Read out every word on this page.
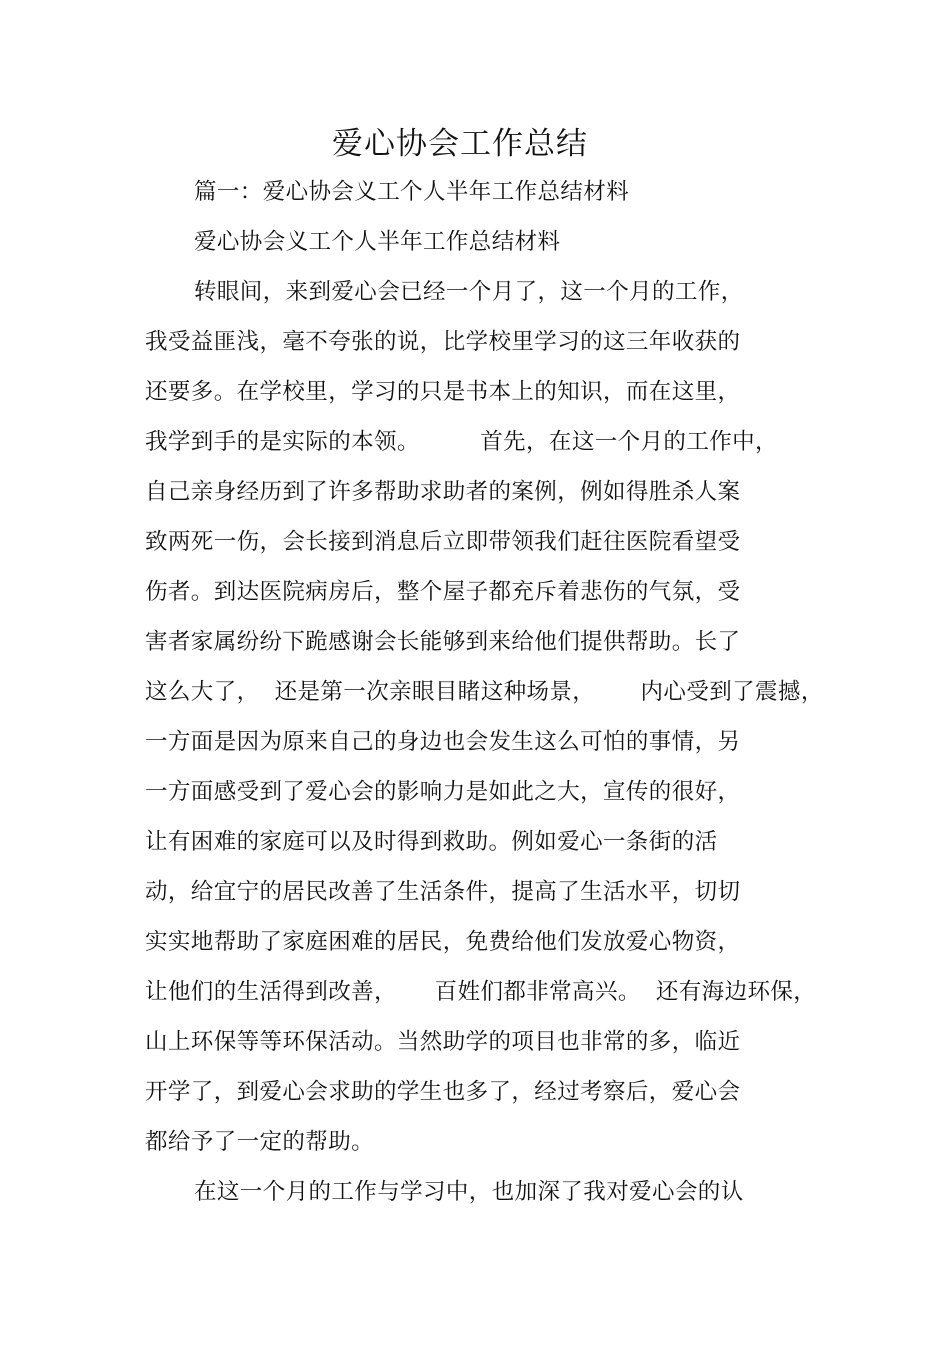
爱心协会工作总结
篇一：爱心协会义工个人半年工作总结材料
爱心协会义工个人半年工作总结材料
转眼间，来到爱心会已经一个月了，这一个月的工作，
我受益匪浅，毫不夸张的说，比学校里学习的这三年收获的
还要多。在学校里，学习的只是书本上的知识，而在这里，
我学到手的是实际的本领。        首先，在这一个月的工作中，
自己亲身经历到了许多帮助求助者的案例，例如得胜杀人案
致两死一伤，会长接到消息后立即带领我们赶往医院看望受
伤者。到达医院病房后，整个屋子都充斥着悲伤的气氛，受
害者家属纷纷下跪感谢会长能够到来给他们提供帮助。长了
这么大了，  还是第一次亲眼目睹这种场景，      内心受到了震撼，
一方面是因为原来自己的身边也会发生这么可怕的事情，另
一方面感受到了爱心会的影响力是如此之大，宣传的很好，
让有困难的家庭可以及时得到救助。例如爱心一条街的活
动，给宜宁的居民改善了生活条件，提高了生活水平，切切
实实地帮助了家庭困难的居民，免费给他们发放爱心物资，
让他们的生活得到改善，     百姓们都非常高兴。  还有海边环保，
山上环保等等环保活动。当然助学的项目也非常的多，临近
开学了，到爱心会求助的学生也多了，经过考察后，爱心会
都给予了一定的帮助。
在这一个月的工作与学习中，也加深了我对爱心会的认
